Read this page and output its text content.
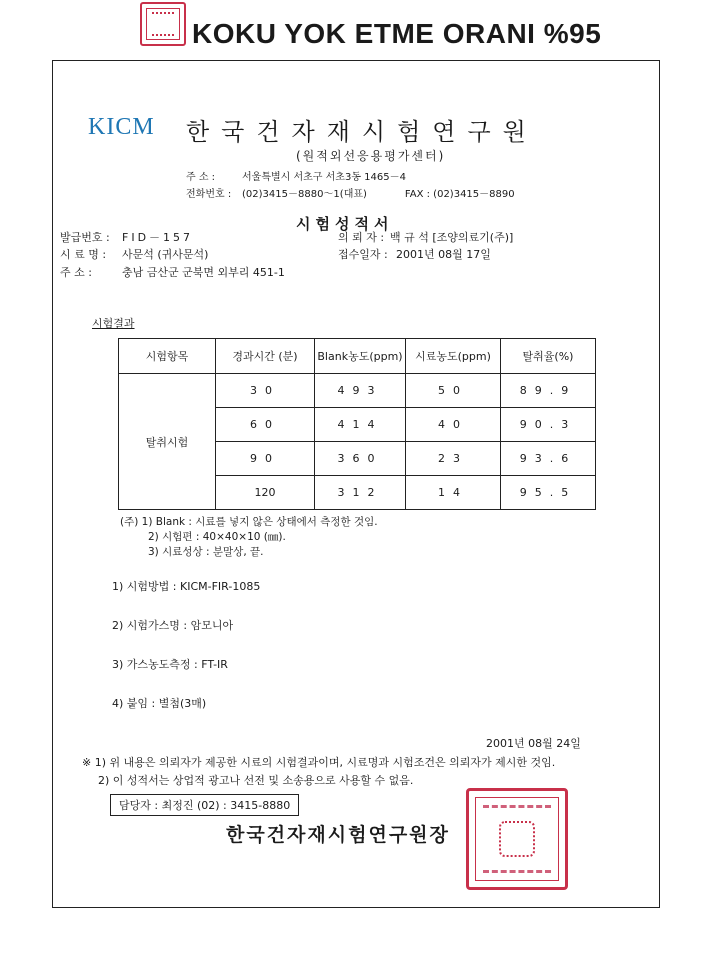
KOKU YOK ETME ORANI %95
KICM 한국건자재시험연구원
(원적외선응용평가센터)
주 소 :	서울특별시 서초구 서초3동 1465－4
전화번호 : (02)3415－8880～1(대표)	FAX : (02)3415－8890
시험성적서
발급번호 : FID－157	의 뢰 자 : 백 규 석 [조양의료기(주)]
시 료 명 : 사문석 (귀사문석)	접수일자 : 2001년 08월 17일
주 소 :	충남 금산군 군북면 외부리 451-1
시험결과
시험항목	경과시간 (분)	Blank농도(ppm)	시료농도(ppm)	탈취율(%)
탈취시험	30	493	50	89.9
	60	414	40	90.3
	90	360	23	93.6
	120	312	14	95.5
(주) 1) Blank : 시료를 넣지 않은 상태에서 측정한 것임.
2) 시험편 : 40×40×10 (㎜).
3) 시료성상 : 분말상, 끝.
1) 시험방법 : KICM-FIR-1085
2) 시험가스명 : 암모니아
3) 가스농도측정 : FT-IR
4) 붙임 : 별첨(3매)
2001년 08월 24일
※ 1) 위 내용은 의뢰자가 제공한 시료의 시험결과이며, 시료명과 시험조건은 의뢰자가 제시한 것임.
2) 이 성적서는 상업적 광고나 선전 및 소송용으로 사용할 수 없음.
담당자 : 최정진 (02) : 3415-8880
한국건자재시험연구원장
